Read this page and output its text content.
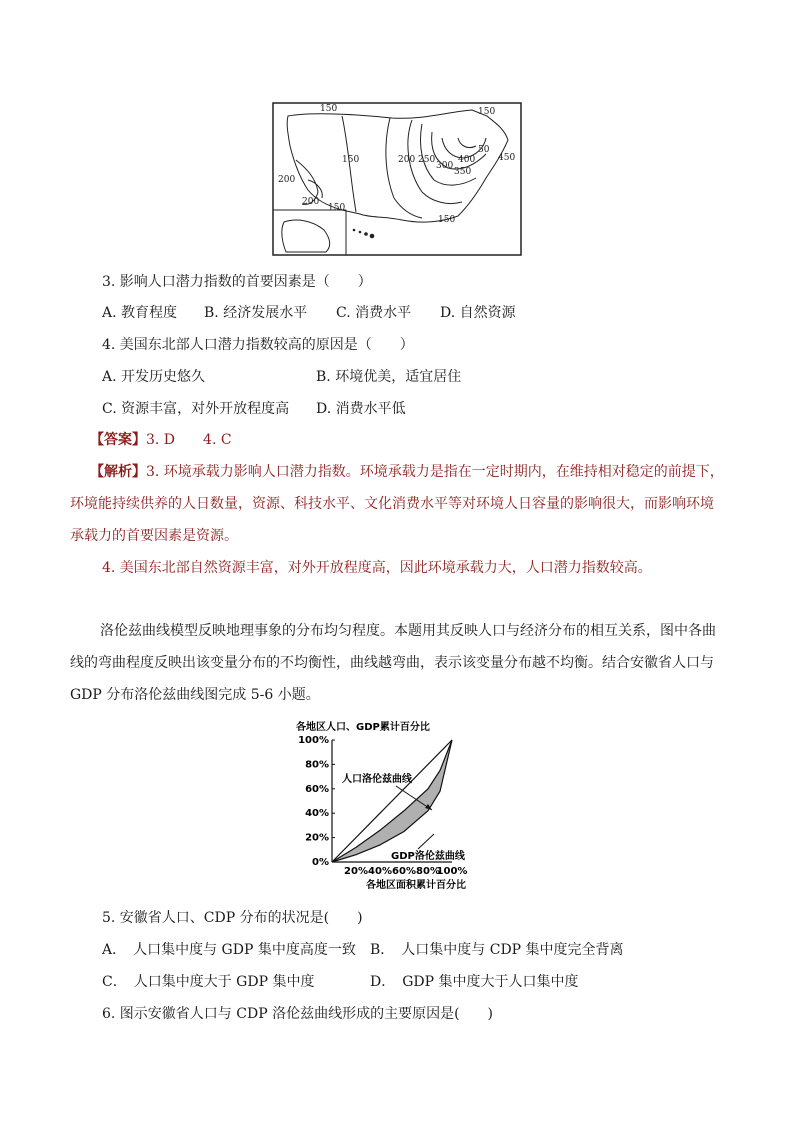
150	150
450
50
400
350
300
250
200
150
200
200
150
150
3. 影响人口潜力指数的首要因素是（　　）
A. 教育程度 B. 经济发展水平 C. 消费水平 D. 自然资源
4. 美国东北部人口潜力指数较高的原因是（　　）
A. 开发历史悠久	B. 环境优美，适宜居住
C. 资源丰富，对外开放程度高 D. 消费水平低
【答案】3. D　　4. C
【解析】3. 环境承载力影响人口潜力指数。环境承载力是指在一定时期内，在维持相对稳定的前提下，
环境能持续供养的人日数量，资源、科技水平、文化消费水平等对环境人日容量的影响很大，而影响环境
承载力的首要因素是资源。
4. 美国东北部自然资源丰富，对外开放程度高，因此环境承载力大，人口潜力指数较高。
洛伦兹曲线模型反映地理事象的分布均匀程度。本题用其反映人口与经济分布的相互关系，图中各曲
线的弯曲程度反映出该变量分布的不均衡性，曲线越弯曲，表示该变量分布越不均衡。结合安徽省人口与
GDP 分布洛伦兹曲线图完成 5-6 小题。
各地区人口、GDP累计百分比
0%
20%
40%
60%
80%
100%
20% 40% 60% 80%
100%
人口洛伦兹曲线
GDP洛伦兹曲线
各地区面积累计百分比
5. 安徽省人口、CDP 分布的状况是(　　)
A．　人口集中度与 GDP 集中度高度一致 B．　人口集中度与 CDP 集中度完全背离
C．　人口集中度大于 GDP 集中度	D．　GDP 集中度大于人口集中度
6. 图示安徽省人口与 CDP 洛伦兹曲线形成的主要原因是(　　)
